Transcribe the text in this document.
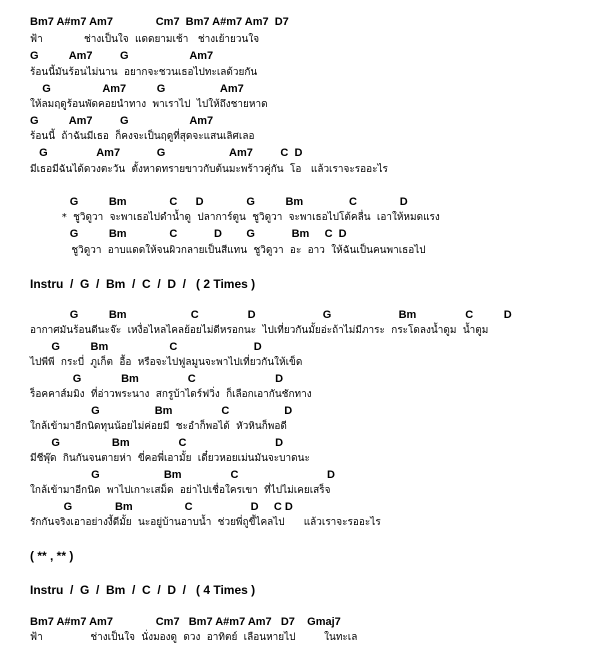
Bm7 A#m7 Am7              Cm7  Bm7 A#m7 Am7  D7
ฟ้า             ช่างเป็นใจ  แดดยามเช้า   ช่างเย้ายวนใจ
G          Am7         G                    Am7
ร้อนนี้มันร้อนไม่นาน  อยากจะชวนเธอไปทะเลด้วยกัน
G                 Am7          G                  Am7
ให้ลมฤดูร้อนพัดคอยนำทาง  พาเราไป  ไปให้ถึงชายหาด
G          Am7         G                    Am7
ร้อนนี้  ถ้าฉันมีเธอ  ก็คงจะเป็นฤดูที่สุดจะแสนเลิศเลอ
G                Am7            G                     Am7         C  D
มีเธอมีฉันได้ดวงตะวัน  ตั้งหาดทรายขาวกับต้นมะพร้าวคู่กัน  โอ   แล้วเราจะรออะไร
G          Bm              C      D              G          Bm               C              D
*  ชูวิดูวา  จะพาเธอไปดำน้ำดู  ปลาการ์ตูน  ชูวิดูวา  จะพาเธอไปโต้คลื่น  เอาให้หมดแรง
G          Bm              C            D        G            Bm     C  D
ชูวิดูวา  อาบแดดให้จนผิวกลายเป็นสีแทน  ชูวิดูวา  อะ  อาว  ให้ฉันเป็นคนพาเธอไป
Instru  /  G  /  Bm  /  C  /  D  /   ( 2 Times )
G          Bm                     C                D                      G                      Bm                C          D
อากาศมันร้อนดีนะจ๊ะ  เหงื่อไหลไคลย้อยไม่ดีหรอกนะ  ไปเที่ยวกันมั้ยอ่ะถ้าไม่มีภาระ  กระโดลงน้ำดูม  น้ำตูม
G          Bm                    C                         D
ไปพีพี  กระบี่  ภูเก็ต  อื้อ  หรือจะไปฟูลมูนจะพาไปเที่ยวกันให้เข็ด
G             Bm                C                          D
ร็อคคาส์มมิง  ที่อ่าวพระนาง  สกรูบ้าไดร์ฟวิ่ง  ก็เลือกเอากันชักทาง
G                  Bm                C                  D
ใกล้เข้ามาอีกนิดทุนน้อยไม่ค่อยมี  ชะอำก็พอได้  หัวหินก็พอดี
G                 Bm                C                             D
มีชีพุ๊ด  กินกันจนตายห่า  ขี่คอพี่เอามั้ย  เดี๋ยวหอยเม่นมันจะบาดนะ
G                     Bm                C                             D
ใกล้เข้ามาอีกนิด  พาไปเกาะเสม็ด  อย่าไปเชื่อใครเขา  ที่ไปไม่เคยเสร็จ
G              Bm                 C                   D     C D
รักกันจริงเอาอย่างงี้ดีมั้ย  นะอยู่บ้านอาบน้ำ  ช่วยพี่ถูขี้ไคลไป      แล้วเราจะรออะไร
( ** , ** )
Instru  /  G  /  Bm  /  C  /  D  /   ( 4 Times )
Bm7 A#m7 Am7              Cm7   Bm7 A#m7 Am7   D7    Gmaj7
ฟ้า               ช่างเป็นใจ  นั่งมองดู  ดวง  อาทิตย์  เลือนหายไป         ในทะเล
